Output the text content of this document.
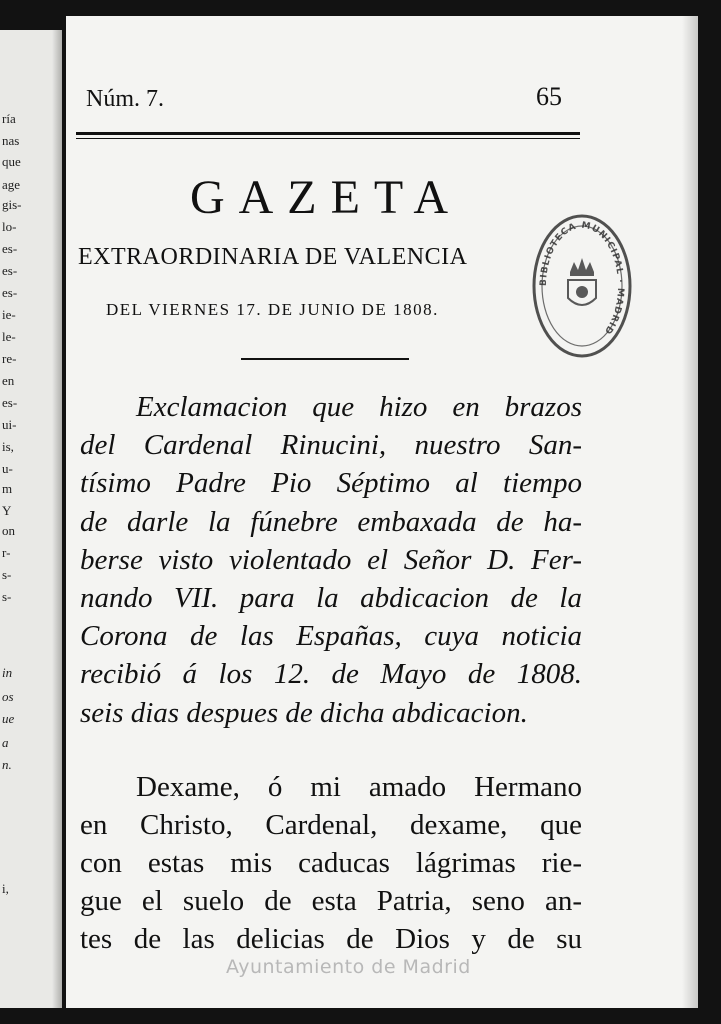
ría
nas
que
age
gis-
lo-
es-
es-
es-
ie-
le-
re-
en
es-
ui-
is,
u-
m
Y
on
r-
s-
s-
in
os
ue
a
n.
i,
Núm. 7.	65
GAZETA
EXTRAORDINARIA DE VALENCIA
DEL VIERNES 17. DE JUNIO DE 1808.
Exclamacion que hizo en brazos
del Cardenal Rinucini, nuestro San-
tísimo Padre Pio Séptimo al tiempo
de darle la fúnebre embaxada de ha-
berse visto violentado el Señor D. Fer-
nando VII. para la abdicacion de la
Corona de las Españas, cuya noticia
recibió á los 12. de Mayo de 1808.
seis dias despues de dicha abdicacion.
Dexame, ó mi amado Hermano
en Christo, Cardenal, dexame, que
con estas mis caducas lágrimas rie-
gue el suelo de esta Patria, seno an-
tes de las delicias de Dios y de su
BIBLIOTECA MUNICIPAL · MADRID
Ayuntamiento de Madrid
